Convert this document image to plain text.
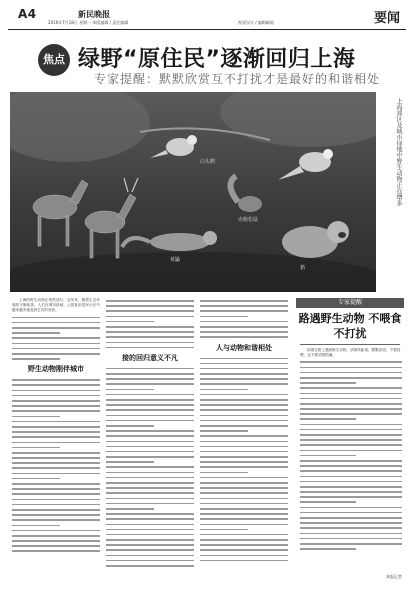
A4	新民晚报	要闻
2016年7月18日 星期一 本版编辑 / 责任编辑	视觉设计 / 编辑邮箱
焦点 绿野“原住民”逐渐回归上海
专家提醒：默默欣赏互不打扰才是最好的和谐相处
白头鹎
黄鼬
貉
赤腹松鼠
上海郊区及城市绿地中野生动物正在增多

上海的野生动物正悄然回归。近年来，随着生态环境的不断改善，人们在城市绿地、公园甚至居民小区中越来越多地见到它们的身影。

野生动物刚伴城市
接的回归意义不凡
人与动物和谐相处
专家提醒
路遇野生动物 不喂食不打扰

如果在路上遇到野生动物，请保持距离，默默欣赏，不要投喂，也不要试图抓捕。

本报记者
